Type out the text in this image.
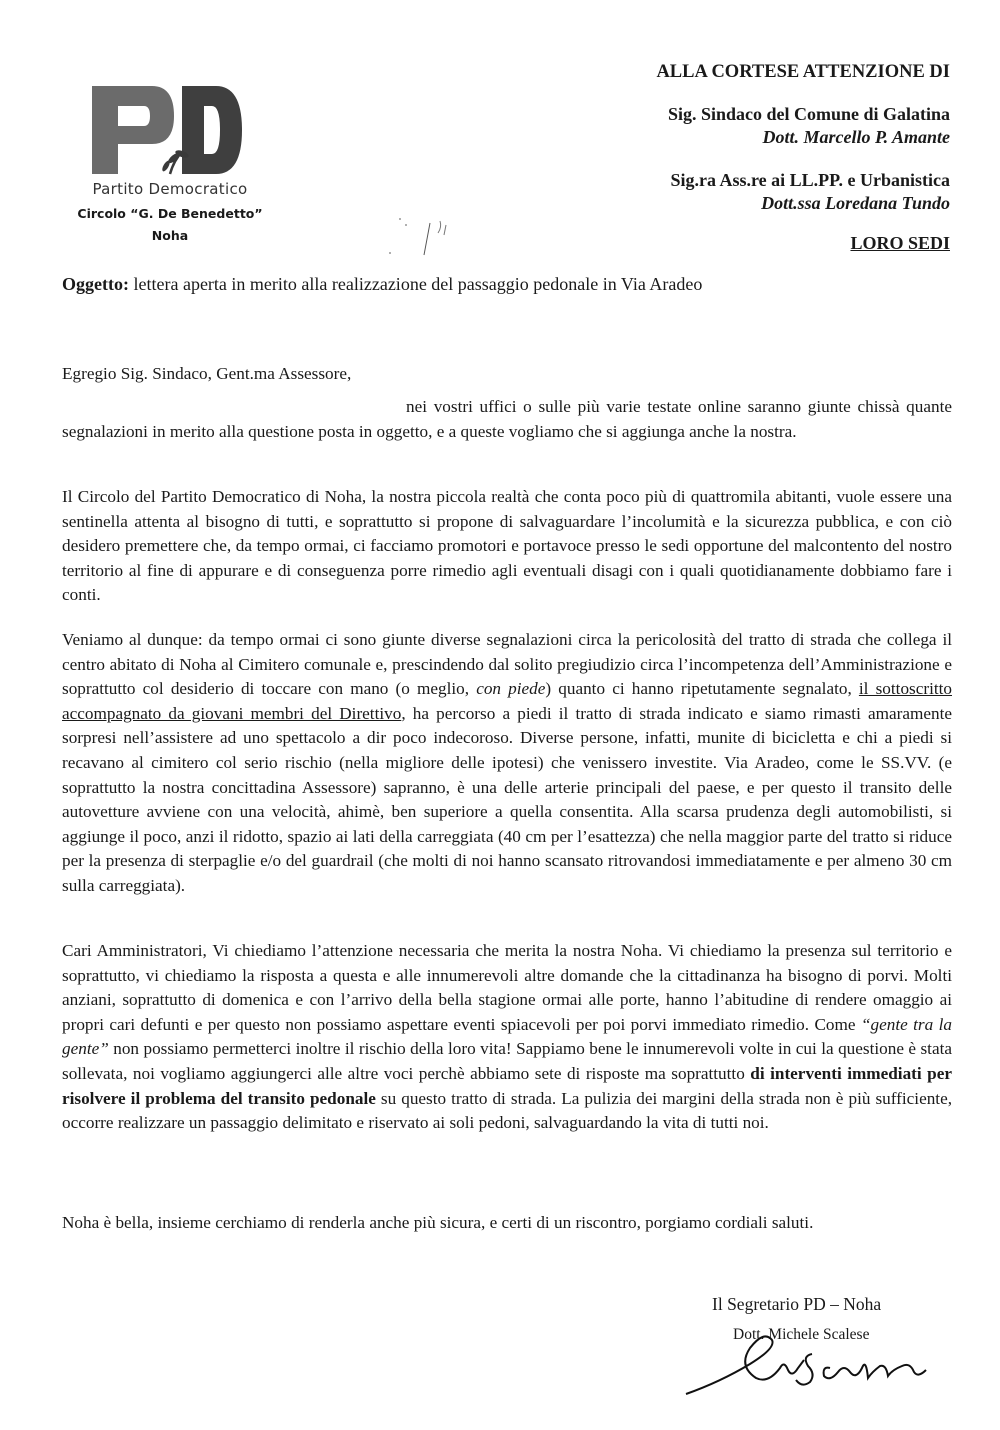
Partito Democratico
Circolo “G. De Benedetto”
Noha
ALLA CORTESE ATTENZIONE DI
Sig. Sindaco del Comune di Galatina
Dott. Marcello P. Amante
Sig.ra Ass.re ai LL.PP. e Urbanistica
Dott.ssa Loredana Tundo
LORO SEDI
Oggetto: lettera aperta in merito alla realizzazione del passaggio pedonale in Via Aradeo
Egregio Sig. Sindaco, Gent.ma Assessore,
nei vostri uffici o sulle più varie testate online saranno giunte chissà quante segnalazioni in merito alla questione posta in oggetto, e a queste vogliamo che si aggiunga anche la nostra.
Il Circolo del Partito Democratico di Noha, la nostra piccola realtà che conta poco più di quattromila abitanti, vuole essere una sentinella attenta al bisogno di tutti, e soprattutto si propone di salvaguardare l’incolumità e la sicurezza pubblica, e con ciò desidero premettere che, da tempo ormai, ci facciamo promotori e portavoce presso le sedi opportune del malcontento del nostro territorio al fine di appurare e di conseguenza porre rimedio agli eventuali disagi con i quali quotidianamente dobbiamo fare i conti.
Veniamo al dunque: da tempo ormai ci sono giunte diverse segnalazioni circa la pericolosità del tratto di strada che collega il centro abitato di Noha al Cimitero comunale e, prescindendo dal solito pregiudizio circa l’incompetenza dell’Amministrazione e soprattutto col desiderio di toccare con mano (o meglio, con piede) quanto ci hanno ripetutamente segnalato, il sottoscritto accompagnato da giovani membri del Direttivo, ha percorso a piedi il tratto di strada indicato e siamo rimasti amaramente sorpresi nell’assistere ad uno spettacolo a dir poco indecoroso. Diverse persone, infatti, munite di bicicletta e chi a piedi si recavano al cimitero col serio rischio (nella migliore delle ipotesi) che venissero investite. Via Aradeo, come le SS.VV. (e soprattutto la nostra concittadina Assessore) sapranno, è una delle arterie principali del paese, e per questo il transito delle autovetture avviene con una velocità, ahimè, ben superiore a quella consentita. Alla scarsa prudenza degli automobilisti, si aggiunge il poco, anzi il ridotto, spazio ai lati della carreggiata (40 cm per l’esattezza) che nella maggior parte del tratto si riduce per la presenza di sterpaglie e/o del guardrail (che molti di noi hanno scansato ritrovandosi immediatamente e per almeno 30 cm sulla carreggiata).
Cari Amministratori, Vi chiediamo l’attenzione necessaria che merita la nostra Noha. Vi chiediamo la presenza sul territorio e soprattutto, vi chiediamo la risposta a questa e alle innumerevoli altre domande che la cittadinanza ha bisogno di porvi. Molti anziani, soprattutto di domenica e con l’arrivo della bella stagione ormai alle porte, hanno l’abitudine di rendere omaggio ai propri cari defunti e per questo non possiamo aspettare eventi spiacevoli per poi porvi immediato rimedio. Come “gente tra la gente” non possiamo permetterci inoltre il rischio della loro vita! Sappiamo bene le innumerevoli volte in cui la questione è stata sollevata, noi vogliamo aggiungerci alle altre voci perchè abbiamo sete di risposte ma soprattutto di interventi immediati per risolvere il problema del transito pedonale su questo tratto di strada. La pulizia dei margini della strada non è più sufficiente, occorre realizzare un passaggio delimitato e riservato ai soli pedoni, salvaguardando la vita di tutti noi.
Noha è bella, insieme cerchiamo di renderla anche più sicura, e certi di un riscontro, porgiamo cordiali saluti.
Il Segretario PD – Noha
Dott. Michele Scalese
